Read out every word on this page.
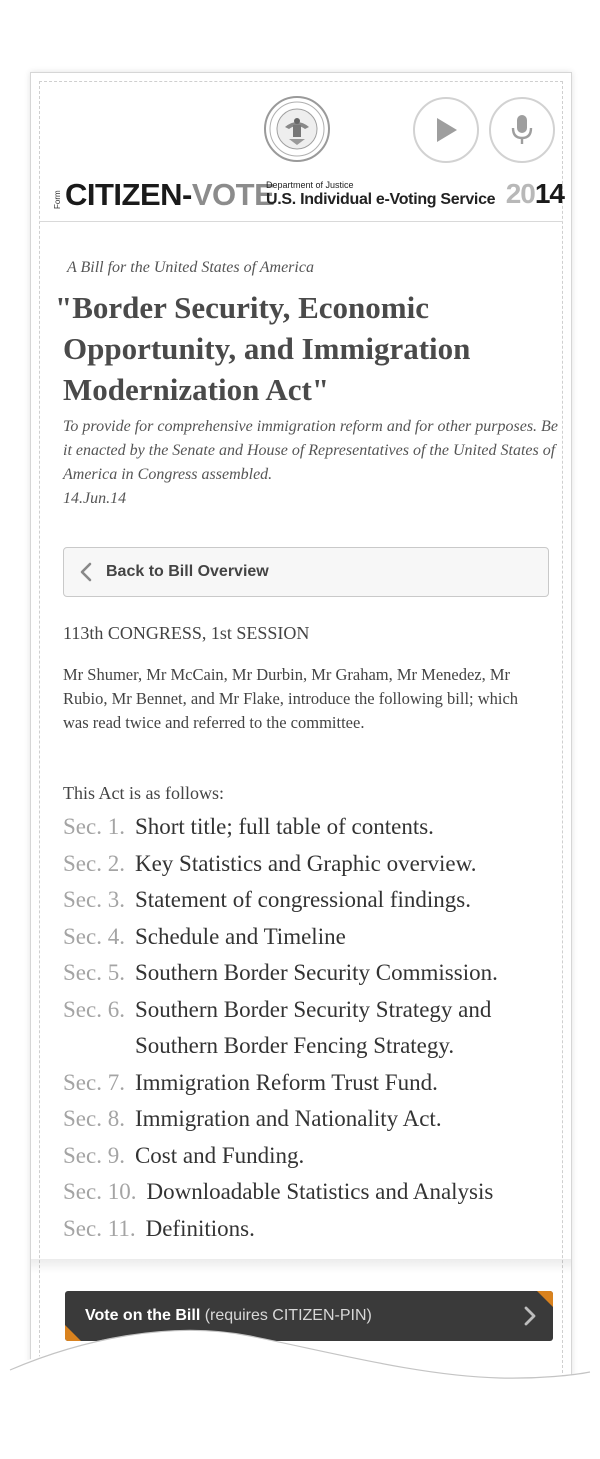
Form CITIZEN-VOTE
Department of Justice
U.S. Individual e-Voting Service 2014
A Bill for the United States of America
"Border Security, Economic Opportunity, and Immigration Modernization Act"
To provide for comprehensive immigration reform and for other purposes. Be it enacted by the Senate and House of Representatives of the United States of America in Congress assembled.
14.Jun.14
Back to Bill Overview
113th CONGRESS, 1st SESSION
Mr Shumer, Mr McCain, Mr Durbin, Mr Graham, Mr Menedez, Mr Rubio, Mr Bennet, and Mr Flake, introduce the following bill; which was read twice and referred to the committee.
This Act is as follows:
Sec. 1. Short title; full table of contents.
Sec. 2. Key Statistics and Graphic overview.
Sec. 3. Statement of congressional findings.
Sec. 4. Schedule and Timeline
Sec. 5. Southern Border Security Commission.
Sec. 6. Southern Border Security Strategy and Southern Border Fencing Strategy.
Sec. 7. Immigration Reform Trust Fund.
Sec. 8. Immigration and Nationality Act.
Sec. 9. Cost and Funding.
Sec. 10. Downloadable Statistics and Analysis
Sec. 11. Definitions.
Vote on the Bill (requires CITIZEN-PIN)
